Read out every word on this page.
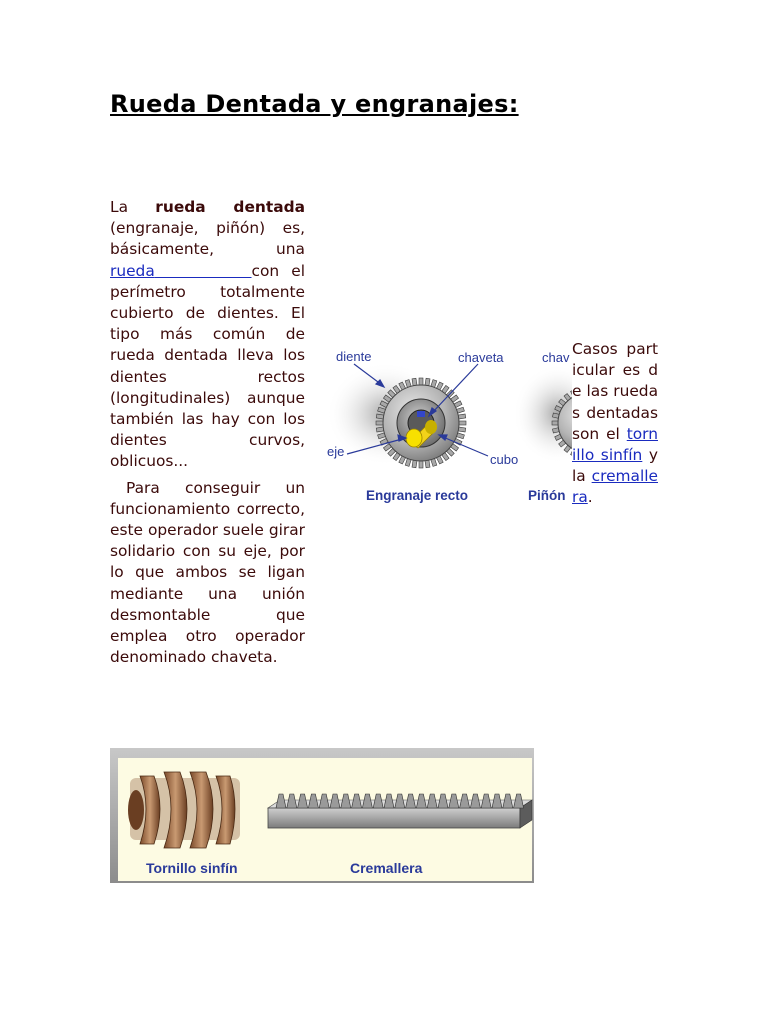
Rueda Dentada y engranajes:

La rueda dentada (engranaje, piñón) es, básicamente, una rueda	con el perímetro totalmente cubierto de dientes. El tipo más común de rueda dentada lleva los dientes rectos (longitudinales) aunque también las hay con los dientes curvos, oblicuos...

Para conseguir un funcionamiento correcto, este operador suele girar solidario con su eje, por lo que ambos se ligan mediante una unión desmontable que emplea otro operador denominado chaveta.

diente	chaveta
eje
cubo
Engranaje recto
chav
Piñón

Casos particular es de las ruedas dentadas son el tornillo sinfín y la cremallera.

Tornillo sinfín	Cremallera
